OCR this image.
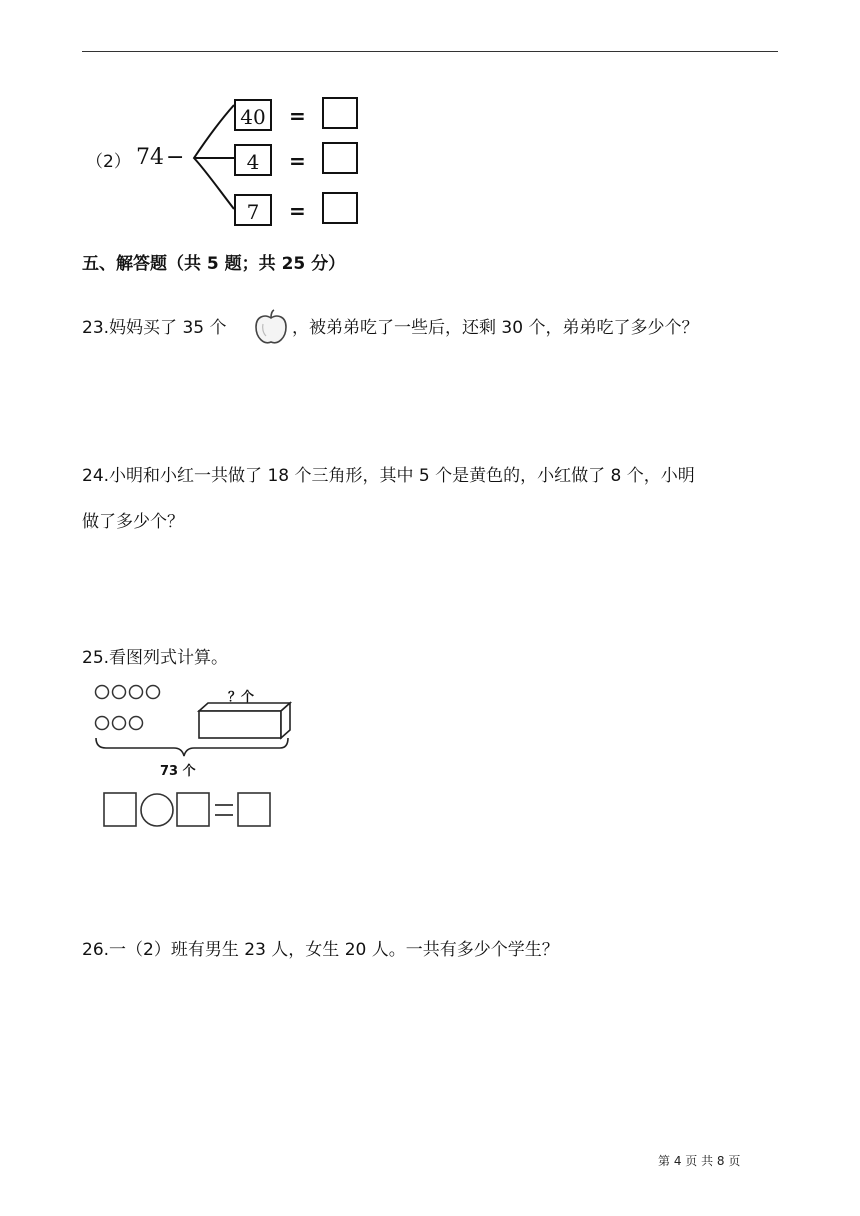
（2） 74 −
40
4
7
=
=
=
五、解答题（共 5 题；共 25 分）
23.妈妈买了 35 个	，被弟弟吃了一些后，还剩 30 个，弟弟吃了多少个？
24.小明和小红一共做了 18 个三角形，其中 5 个是黄色的，小红做了 8 个，小明
做了多少个？
25.看图列式计算。
？个
73 个
26.一（2）班有男生 23 人，女生 20 人。一共有多少个学生？
第 4 页 共 8 页
